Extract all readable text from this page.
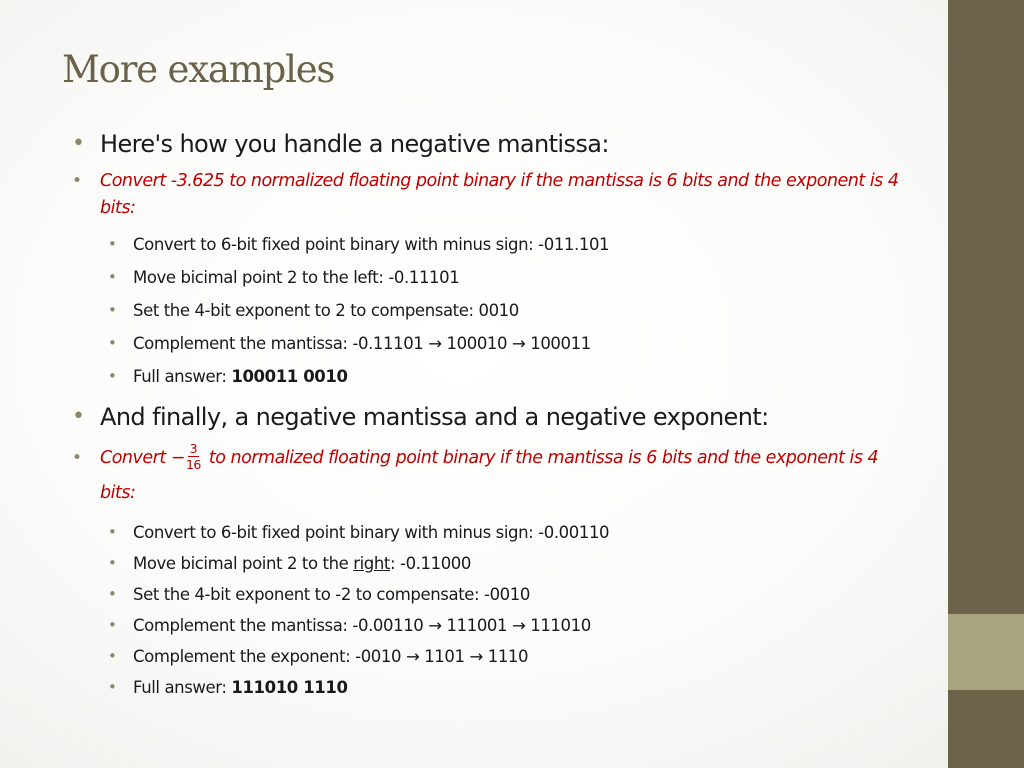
More examples
• Here's how you handle a negative mantissa:
• Convert -3.625 to normalized floating point binary if the mantissa is 6 bits and the exponent is 4 bits:
• Convert to 6-bit fixed point binary with minus sign: -011.101
• Move bicimal point 2 to the left: -0.11101
• Set the 4-bit exponent to 2 to compensate: 0010
• Complement the mantissa: -0.11101 → 100010 → 100011
• Full answer: 100011 0010
• And finally, a negative mantissa and a negative exponent:
• Convert − $\frac{3}{16}$ to normalized floating point binary if the mantissa is 6 bits and the exponent is 4 bits:
• Convert to 6-bit fixed point binary with minus sign: -0.00110
• Move bicimal point 2 to the right: -0.11000
• Set the 4-bit exponent to -2 to compensate: -0010
• Complement the mantissa: -0.00110 → 111001 → 111010
• Complement the exponent: -0010 → 1101 → 1110
• Full answer: 111010 1110
